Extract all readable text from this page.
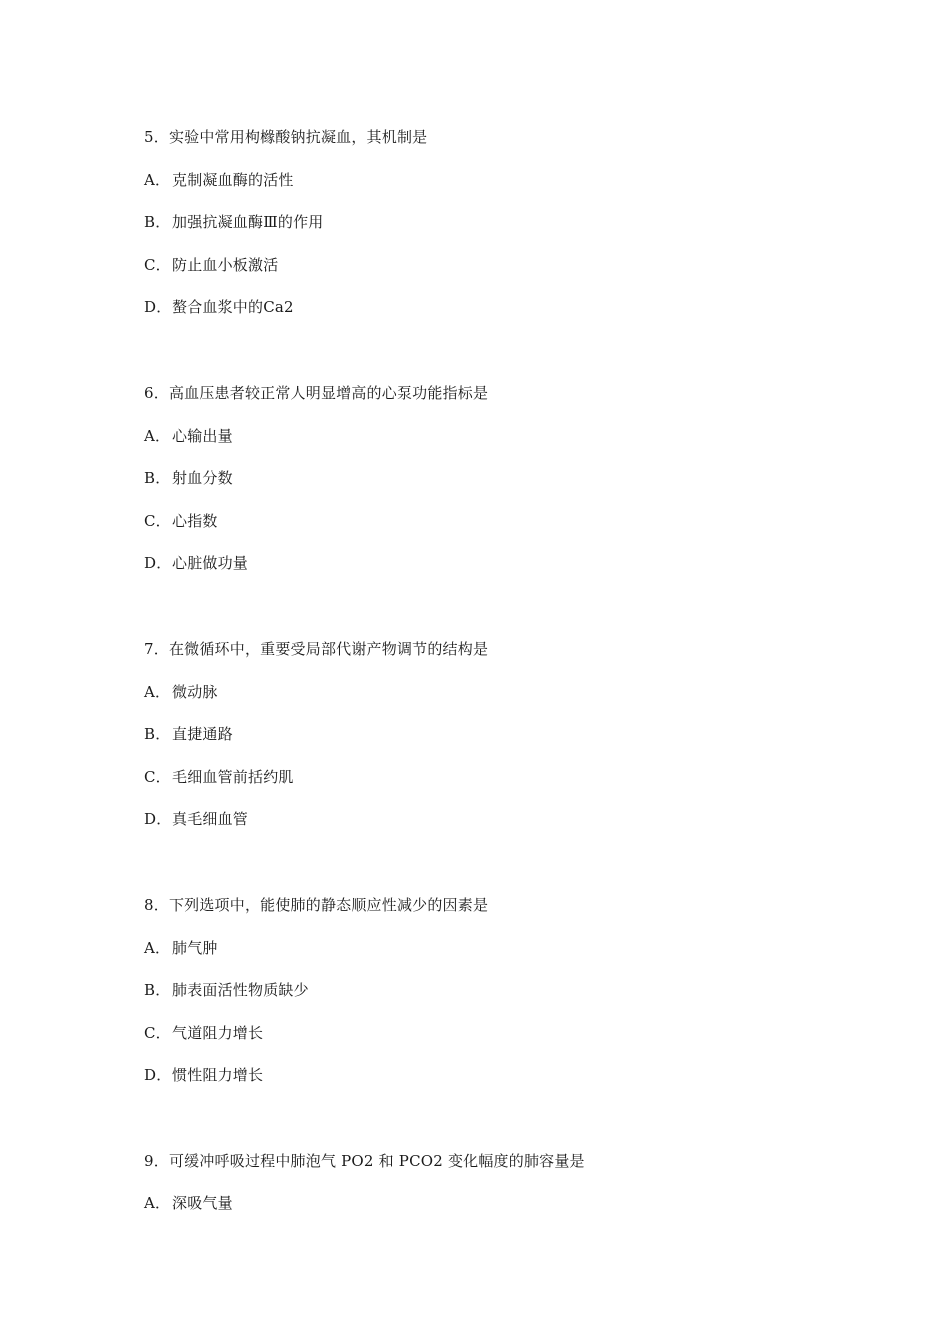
5．实验中常用枸橼酸钠抗凝血，其机制是
A． 克制凝血酶的活性
B． 加强抗凝血酶Ⅲ的作用
C．防止血小板激活
D．螯合血浆中的Ca2
6．高血压患者较正常人明显增高的心泵功能指标是
A． 心输出量
B． 射血分数
C．心指数
D．心脏做功量
7．在微循环中，重要受局部代谢产物调节的结构是
A． 微动脉
B． 直捷通路
C．毛细血管前括约肌
D．真毛细血管
8．下列选项中，能使肺的静态顺应性减少的因素是
A． 肺气肿
B． 肺表面活性物质缺少
C．气道阻力增长
D．惯性阻力增长
9．可缓冲呼吸过程中肺泡气 PO2 和 PCO2 变化幅度的肺容量是
A． 深吸气量
